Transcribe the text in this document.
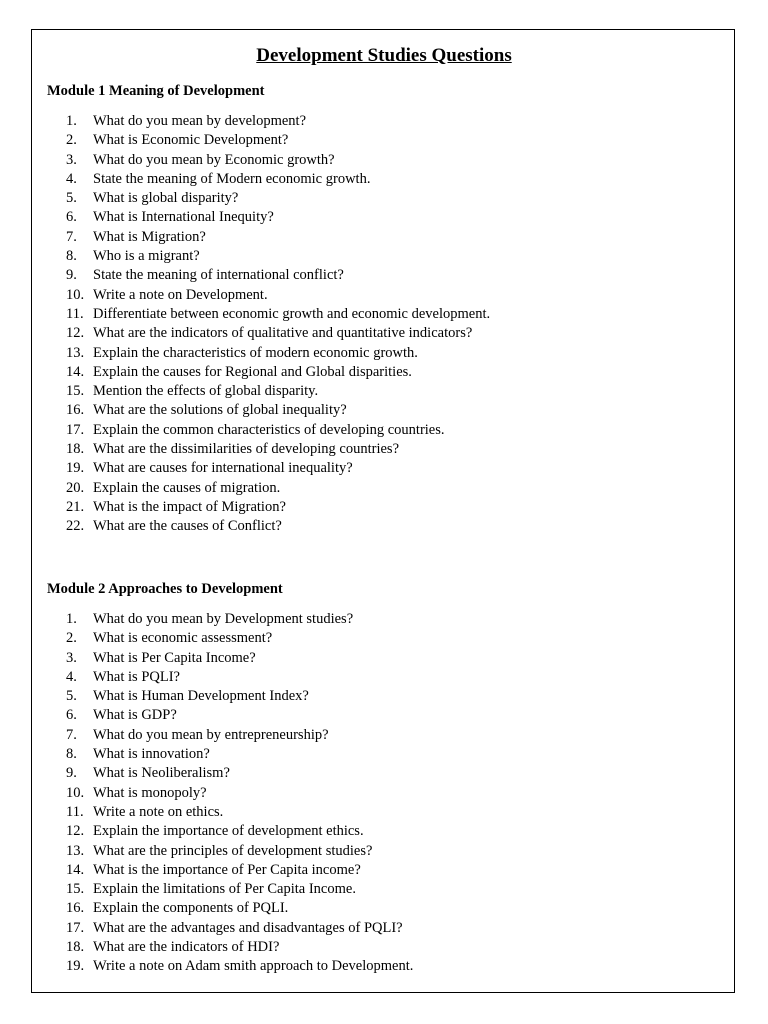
Development Studies Questions
Module 1 Meaning of Development
1. What do you mean by development?
2. What is Economic Development?
3. What do you mean by Economic growth?
4. State the meaning of Modern economic growth.
5. What is global disparity?
6. What is International Inequity?
7. What is Migration?
8. Who is a migrant?
9. State the meaning of international conflict?
10. Write a note on Development.
11. Differentiate between economic growth and economic development.
12. What are the indicators of qualitative and quantitative indicators?
13. Explain the characteristics of modern economic growth.
14. Explain the causes for Regional and Global disparities.
15. Mention the effects of global disparity.
16. What are the solutions of global inequality?
17. Explain the common characteristics of developing countries.
18. What are the dissimilarities of developing countries?
19. What are causes for international inequality?
20. Explain the causes of migration.
21. What is the impact of Migration?
22. What are the causes of Conflict?
Module 2 Approaches to Development
1. What do you mean by Development studies?
2. What is economic assessment?
3. What is Per Capita Income?
4. What is PQLI?
5. What is Human Development Index?
6. What is GDP?
7. What do you mean by entrepreneurship?
8. What is innovation?
9. What is Neoliberalism?
10. What is monopoly?
11. Write a note on ethics.
12. Explain the importance of development ethics.
13. What are the principles of development studies?
14. What is the importance of Per Capita income?
15. Explain the limitations of Per Capita Income.
16. Explain the components of PQLI.
17. What are the advantages and disadvantages of PQLI?
18. What are the indicators of HDI?
19. Write a note on Adam smith approach to Development.
